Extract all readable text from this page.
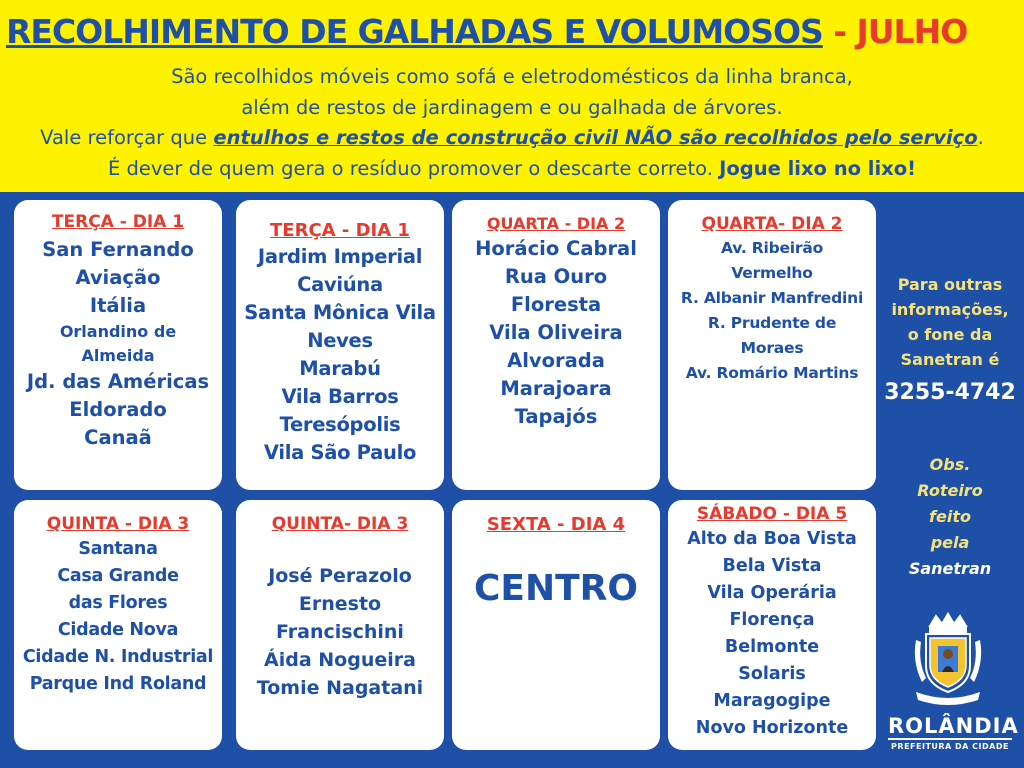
RECOLHIMENTO DE GALHADAS E VOLUMOSOS - JULHO
São recolhidos móveis como sofá e eletrodomésticos da linha branca,
além de restos de jardinagem e ou galhada de árvores.
Vale reforçar que entulhos e restos de construção civil NÃO são recolhidos pelo serviço.
É dever de quem gera o resíduo promover o descarte correto. Jogue lixo no lixo!
TERÇA - DIA 1
San Fernando
Aviação
Itália
Orlandino de
Almeida
Jd. das Américas
Eldorado
Canaã
TERÇA - DIA 1
Jardim Imperial
Caviúna
Santa Mônica Vila
Neves
Marabú
Vila Barros
Teresópolis
Vila São Paulo
QUARTA - DIA 2
Horácio Cabral
Rua Ouro
Floresta
Vila Oliveira
Alvorada
Marajoara
Tapajós
QUARTA- DIA 2
Av. Ribeirão
Vermelho
R. Albanir Manfredini
R. Prudente de
Moraes
Av. Romário Martins
QUINTA - DIA 3
Santana
Casa Grande
das Flores
Cidade Nova
Cidade N. Industrial
Parque Ind Roland
QUINTA- DIA 3
José Perazolo
Ernesto
Francischini
Áida Nogueira
Tomie Nagatani
SEXTA - DIA 4
CENTRO
SÁBADO - DIA 5
Alto da Boa Vista
Bela Vista
Vila Operária
Florença
Belmonte
Solaris
Maragogipe
Novo Horizonte
Para outras
informações,
o fone da
Sanetran é
3255-4742
Obs.
Roteiro
feito
pela
Sanetran
ROLÂNDIA
PREFEITURA DA CIDADE
